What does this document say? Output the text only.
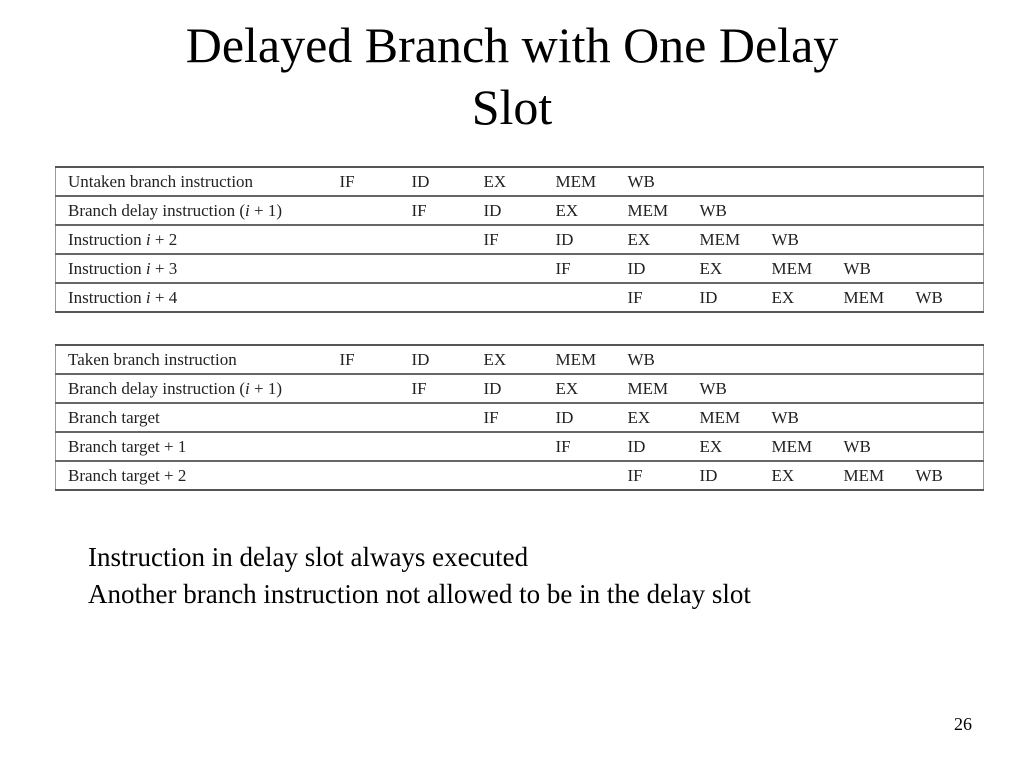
Delayed Branch with One Delay
Slot
Untaken branch instruction	IF	ID	EX	MEM	WB				
Branch delay instruction (i + 1)		IF	ID	EX	MEM	WB			
Instruction i + 2			IF	ID	EX	MEM	WB		
Instruction i + 3				IF	ID	EX	MEM	WB	
Instruction i + 4					IF	ID	EX	MEM	WB
Taken branch instruction	IF	ID	EX	MEM	WB				
Branch delay instruction (i + 1)		IF	ID	EX	MEM	WB			
Branch target			IF	ID	EX	MEM	WB		
Branch target + 1				IF	ID	EX	MEM	WB	
Branch target + 2					IF	ID	EX	MEM	WB
Instruction in delay slot always executed
Another branch instruction not allowed to be in the delay slot
26
